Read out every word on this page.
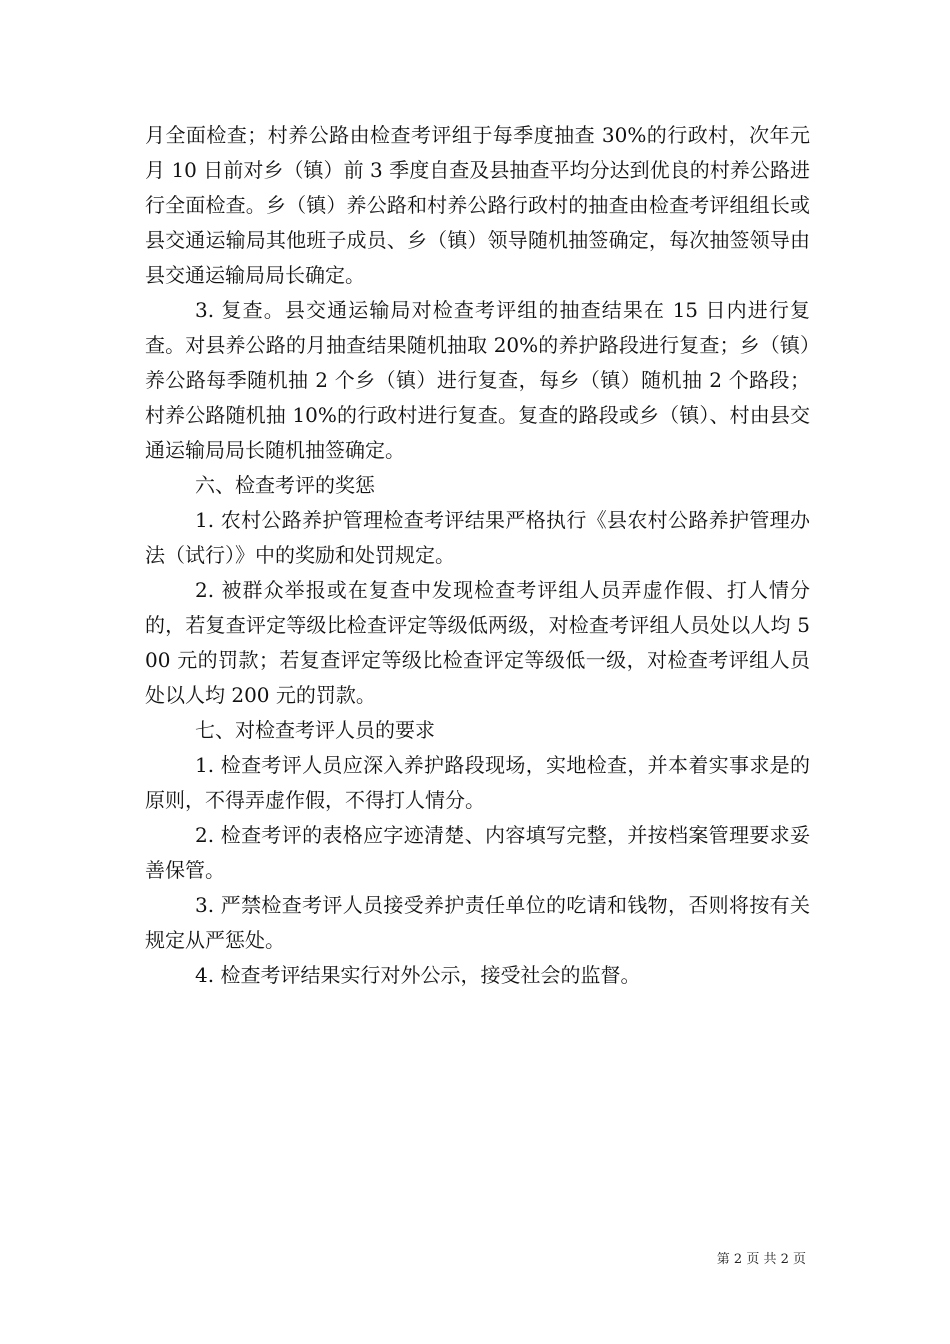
月全面检查；村养公路由检查考评组于每季度抽查 30%的行政村，次年元月 10 日前对乡（镇）前 3 季度自查及县抽查平均分达到优良的村养公路进行全面检查。乡（镇）养公路和村养公路行政村的抽查由检查考评组组长或县交通运输局其他班子成员、乡（镇）领导随机抽签确定，每次抽签领导由县交通运输局局长确定。

3. 复查。县交通运输局对检查考评组的抽查结果在 15 日内进行复查。对县养公路的月抽查结果随机抽取 20%的养护路段进行复查；乡（镇）养公路每季随机抽 2 个乡（镇）进行复查，每乡（镇）随机抽 2 个路段；村养公路随机抽 10%的行政村进行复查。复查的路段或乡（镇）、村由县交通运输局局长随机抽签确定。

六、检查考评的奖惩

1. 农村公路养护管理检查考评结果严格执行《县农村公路养护管理办法（试行）》中的奖励和处罚规定。

2. 被群众举报或在复查中发现检查考评组人员弄虚作假、打人情分的，若复查评定等级比检查评定等级低两级，对检查考评组人员处以人均 500 元的罚款；若复查评定等级比检查评定等级低一级，对检查考评组人员处以人均 200 元的罚款。

七、对检查考评人员的要求

1. 检查考评人员应深入养护路段现场，实地检查，并本着实事求是的原则，不得弄虚作假，不得打人情分。

2. 检查考评的表格应字迹清楚、内容填写完整，并按档案管理要求妥善保管。

3. 严禁检查考评人员接受养护责任单位的吃请和钱物，否则将按有关规定从严惩处。

4. 检查考评结果实行对外公示，接受社会的监督。

第 2 页 共 2 页
